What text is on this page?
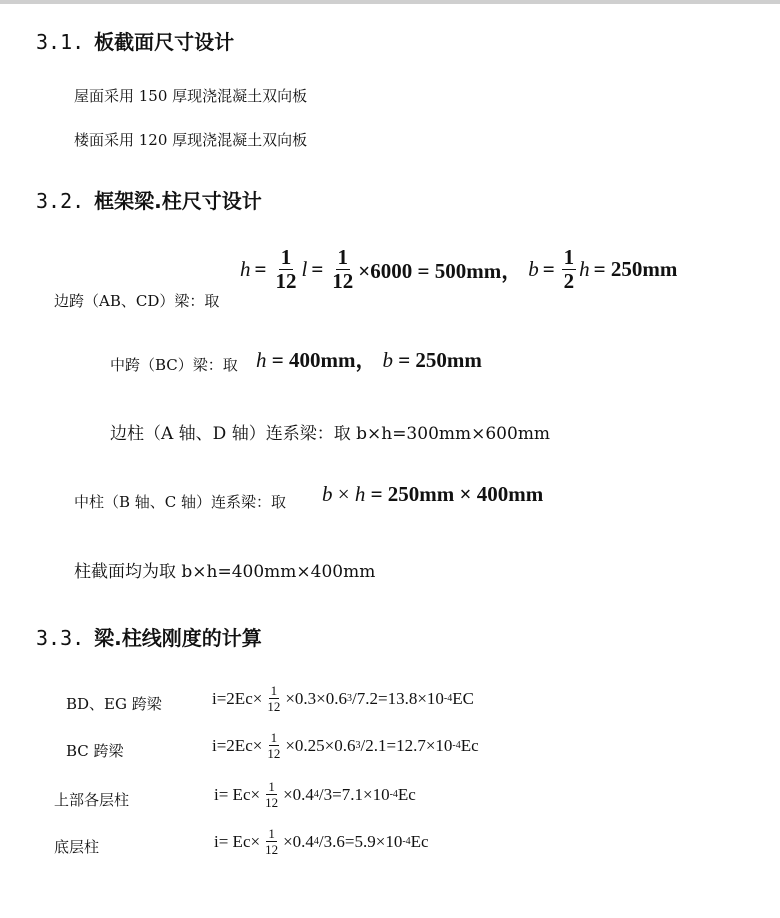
3.1. 板截面尺寸设计
屋面采用 150 厚现浇混凝土双向板
楼面采用 120 厚现浇混凝土双向板
3.2. 框架梁.柱尺寸设计
边跨（AB、CD）梁：取
$h = \frac{1}{12}$ $l = \frac{1}{12} \times 6000 = 500mm$， $b = \frac{1}{2}$ h = 250mm
中跨（BC）梁：取 h = 400mm， b = 250mm
边柱（A 轴、D 轴）连系梁：取 b×h=300mm×600mm
中柱（B 轴、C 轴）连系梁：取 b × h = 250mm × 400mm
柱截面均为取 b×h=400mm×400mm
3.3. 梁.柱线刚度的计算
BD、EG 跨梁	$i=2Ec\times \frac{1}{12} \times 0.3\times 0.6$ 3 /7.2=13.8×10 -4 EC
BC 跨梁	$i=2Ec\times \frac{1}{12} \times 0.25\times 0.6$ 3 /2.1=12.7×10 -4 Ec
上部各层柱	$i= Ec\times \frac{1}{12} \times 0.4$ 4 /3=7.1×10 -4 Ec
底层柱	$i= Ec\times \frac{1}{12} \times 0.4$ 4 /3.6=5.9×10 -4 Ec
